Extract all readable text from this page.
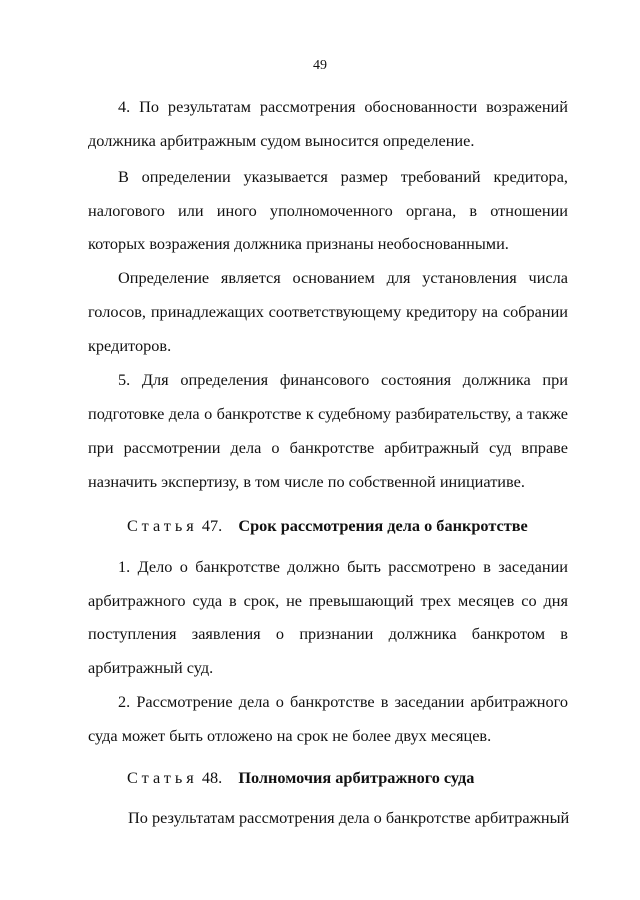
49
4. По результатам рассмотрения обоснованности возражений
должника арбитражным судом выносится определение.
В определении указывается размер требований кредитора,
налогового или иного уполномоченного органа, в отношении
которых возражения должника признаны необоснованными.
Определение является основанием для установления числа
голосов, принадлежащих соответствующему кредитору на собрании
кредиторов.
5. Для определения финансового состояния должника при
подготовке дела о банкротстве к судебному разбирательству, а также
при рассмотрении дела о банкротстве арбитражный суд вправе
назначить экспертизу, в том числе по собственной инициативе.
Статья 47. Срок рассмотрения дела о банкротстве
1. Дело о банкротстве должно быть рассмотрено в заседании
арбитражного суда в срок, не превышающий трех месяцев со дня
поступления заявления о признании должника банкротом в
арбитражный суд.
2. Рассмотрение дела о банкротстве в заседании арбитражного
суда может быть отложено на срок не более двух месяцев.
Статья 48. Полномочия арбитражного суда
По результатам рассмотрения дела о банкротстве арбитражный
